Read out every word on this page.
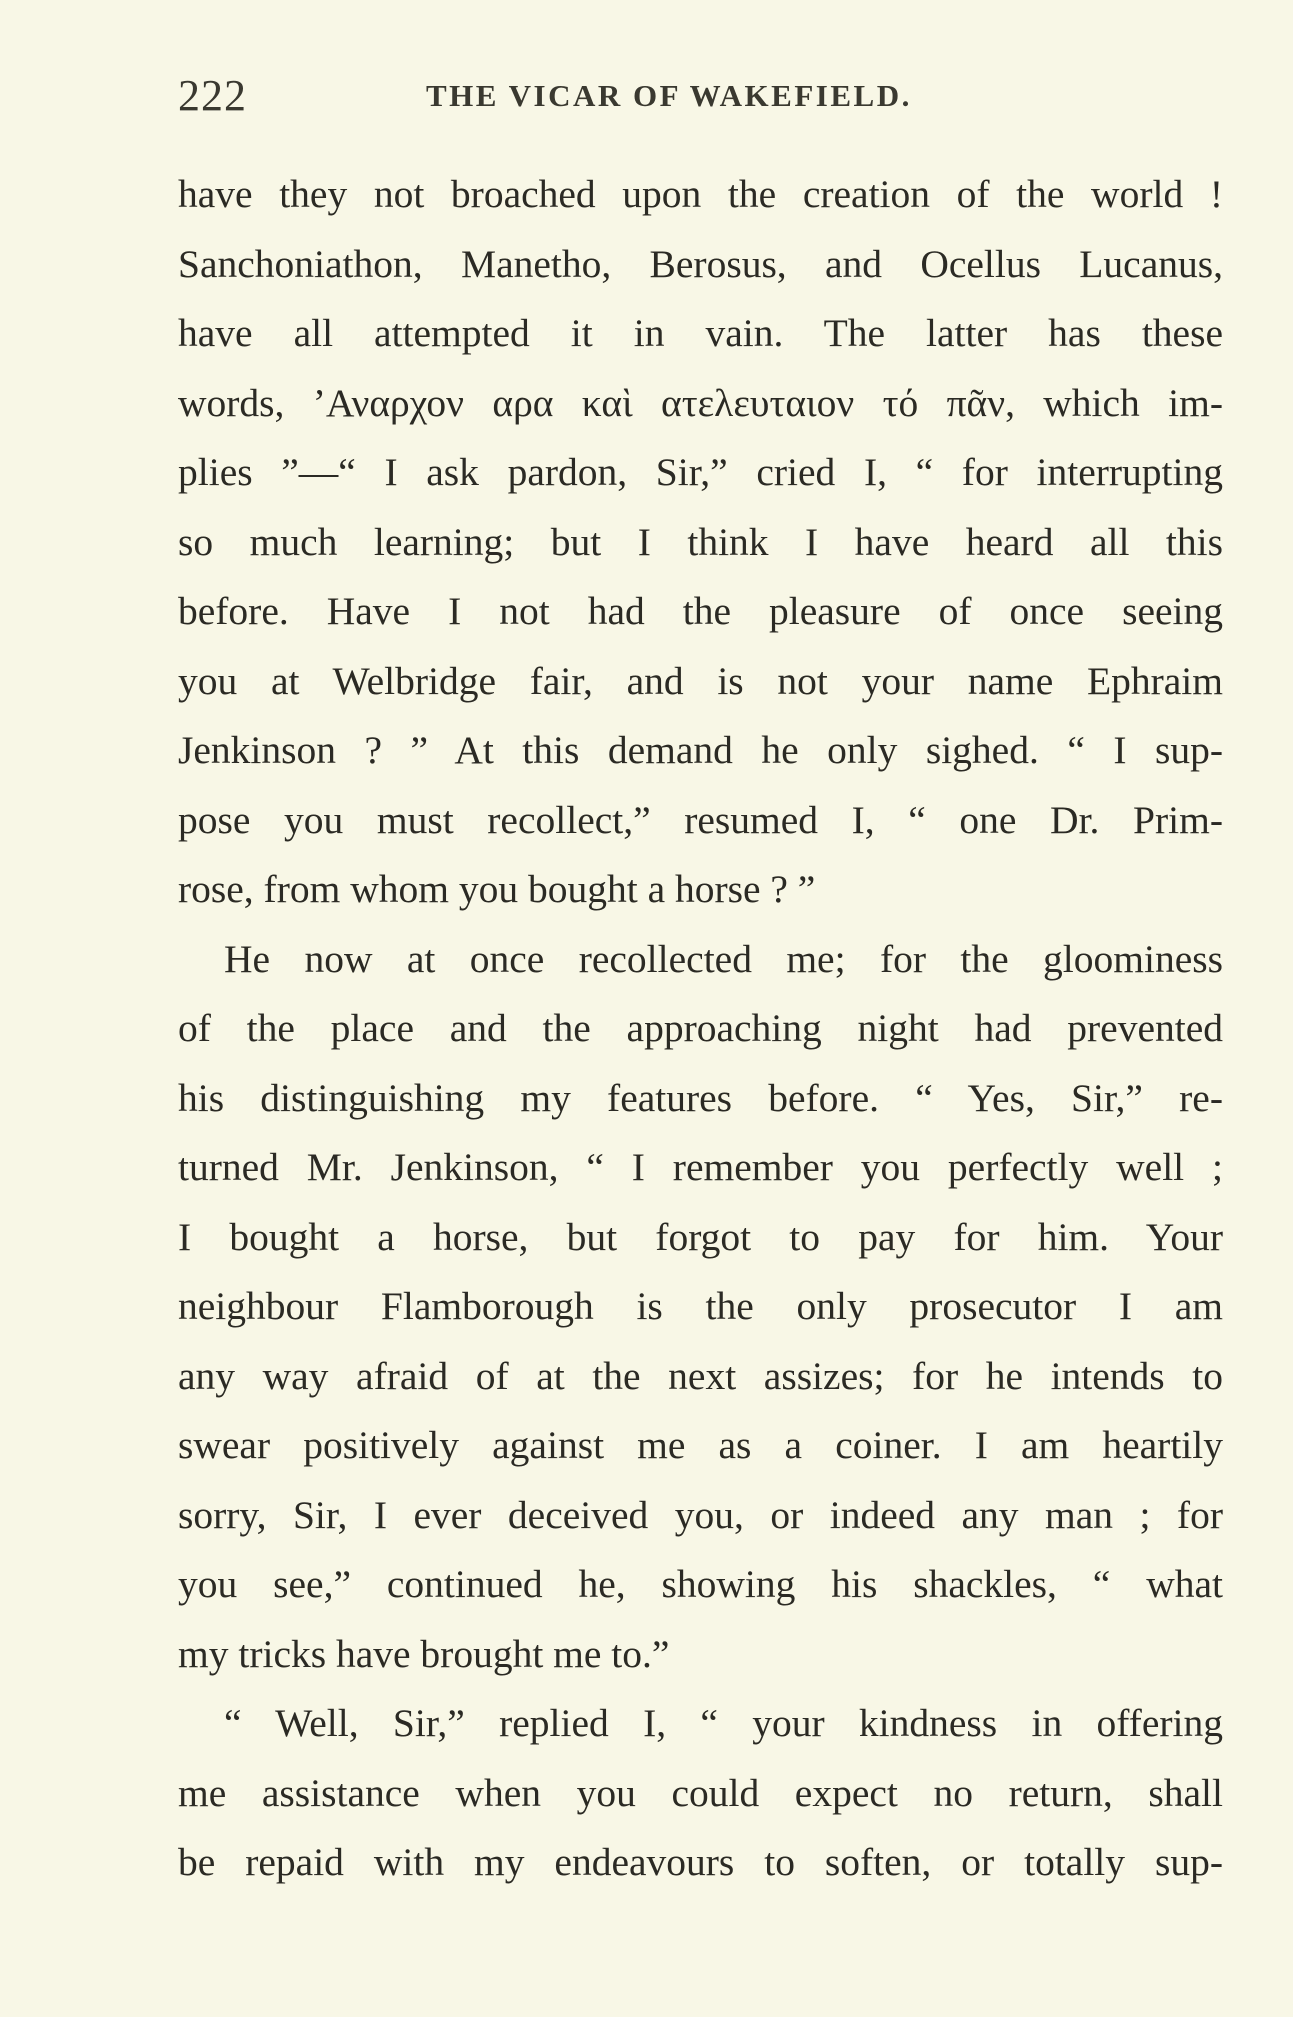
222	THE VICAR OF WAKEFIELD.
have they not broached upon the creation of the world !
Sanchoniathon, Manetho, Berosus, and Ocellus Lucanus,
have all attempted it in vain. The latter has these
words, ʼΑναρχον αρα καὶ ατελευταιον τό πᾶν, which im-
plies ”—“ I ask pardon, Sir,” cried I, “ for interrupting
so much learning; but I think I have heard all this
before. Have I not had the pleasure of once seeing
you at Welbridge fair, and is not your name Ephraim
Jenkinson ? ” At this demand he only sighed. “ I sup-
pose you must recollect,” resumed I, “ one Dr. Prim-
rose, from whom you bought a horse ? ”
He now at once recollected me; for the gloominess
of the place and the approaching night had prevented
his distinguishing my features before. “ Yes, Sir,” re-
turned Mr. Jenkinson, “ I remember you perfectly well ;
I bought a horse, but forgot to pay for him. Your
neighbour Flamborough is the only prosecutor I am
any way afraid of at the next assizes; for he intends to
swear positively against me as a coiner. I am heartily
sorry, Sir, I ever deceived you, or indeed any man ; for
you see,” continued he, showing his shackles, “ what
my tricks have brought me to.”
“ Well, Sir,” replied I, “ your kindness in offering
me assistance when you could expect no return, shall
be repaid with my endeavours to soften, or totally sup-
